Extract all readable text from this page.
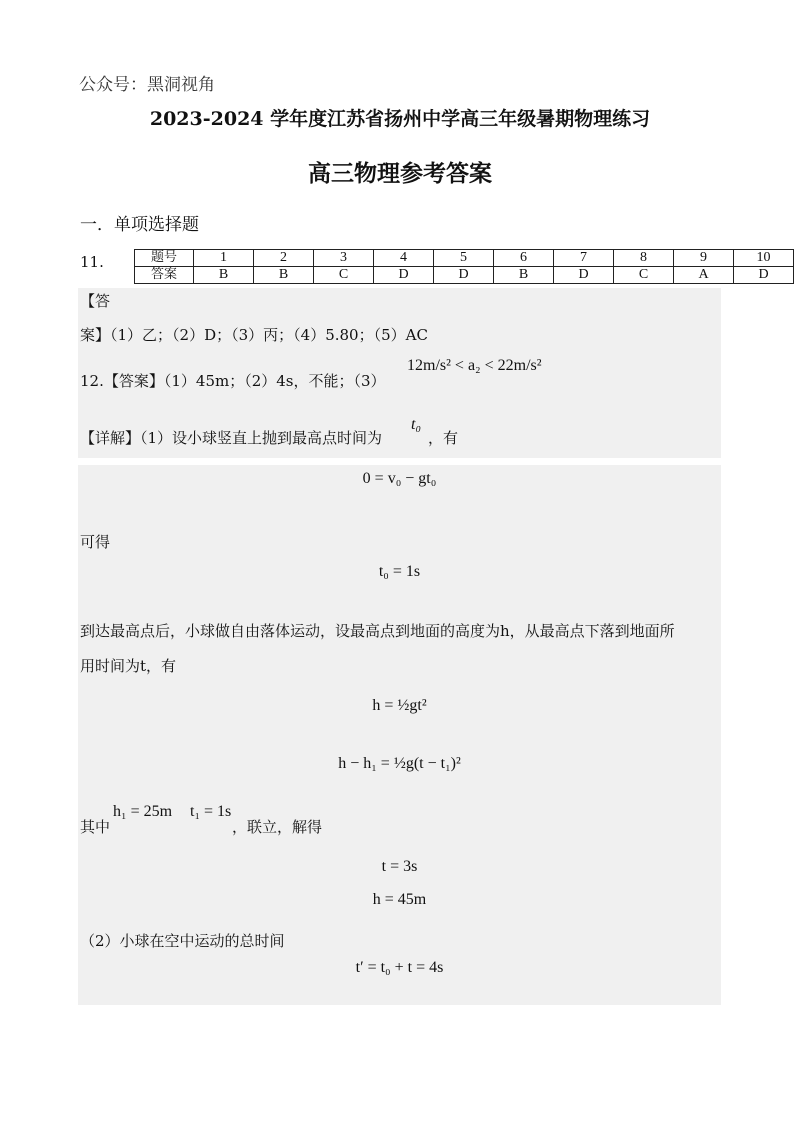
公众号：黑洞视角
2023-2024 学年度江苏省扬州中学高三年级暑期物理练习
高三物理参考答案
一．单项选择题
11.	题号	1	2	3	4	5	6	7	8	9	10
答案	B	B	C	D	D	B	D	C	A	D
【答
案】（1）乙；（2）D；（3）丙；（4）5.80；（5）AC
12.【答案】（1）45m；（2）4s，不能；（3）
12m/s² < a₂ < 22m/s²
【详解】（1）设小球竖直上抛到最高点时间为
t₀
，有
0 = v₀ − gt₀
可得
t₀ = 1s
到达最高点后，小球做自由落体运动，设最高点到地面的高度为h，从最高点下落到地面所
用时间为t，有
h = ½gt²
h − h₁ = ½g(t − t₁)²
其中
h₁ = 25m t₁ = 1s
，联立，解得
t = 3s
h = 45m
（2）小球在空中运动的总时间
t′ = t₀ + t = 4s
